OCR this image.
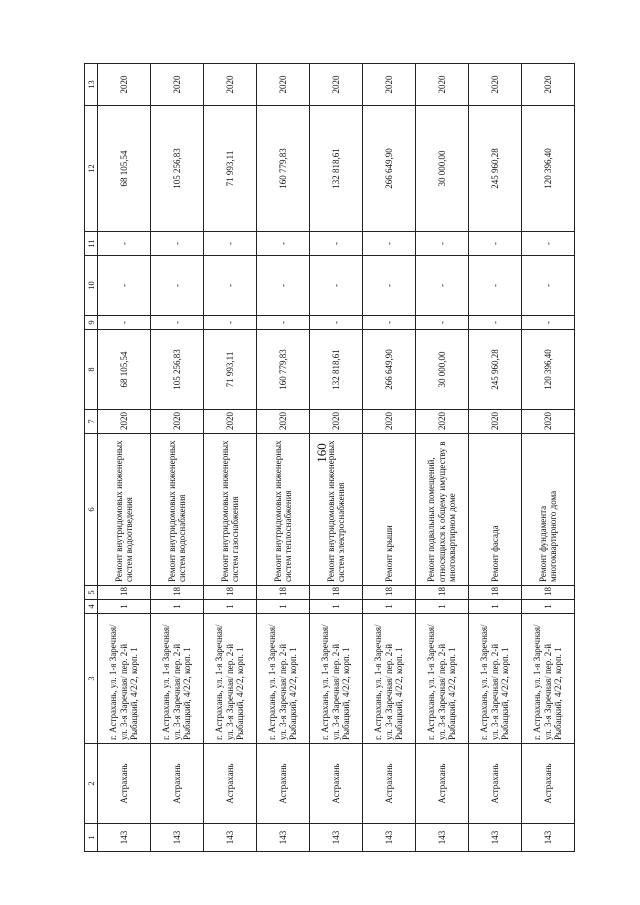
160
1	2	3	4	5	6	7	8	9	10	11	12	13
143	Астрахань	г. Астрахань, ул. 1-я Заречная/ ул. 3-я Заречная/ пер. 2-й Рыбацкий, 4/2/2, корп. 1	1	18	Ремонт внутридомовых инженерных систем водоотведения	2020	68 105,54	-	-	-	68 105,54	2020
143	Астрахань	г. Астрахань, ул. 1-я Заречная/ ул. 3-я Заречная/ пер. 2-й Рыбацкий, 4/2/2, корп. 1	1	18	Ремонт внутридомовых инженерных систем водоснабжения	2020	105 256,83	-	-	-	105 256,83	2020
143	Астрахань	г. Астрахань, ул. 1-я Заречная/ ул. 3-я Заречная/ пер. 2-й Рыбацкий, 4/2/2, корп. 1	1	18	Ремонт внутридомовых инженерных систем газоснабжения	2020	71 993,11	-	-	-	71 993,11	2020
143	Астрахань	г. Астрахань, ул. 1-я Заречная/ ул. 3-я Заречная/ пер. 2-й Рыбацкий, 4/2/2, корп. 1	1	18	Ремонт внутридомовых инженерных систем теплоснабжения	2020	160 779,83	-	-	-	160 779,83	2020
143	Астрахань	г. Астрахань, ул. 1-я Заречная/ ул. 3-я Заречная/ пер. 2-й Рыбацкий, 4/2/2, корп. 1	1	18	Ремонт внутридомовых инженерных систем электроснабжения	2020	132 818,61	-	-	-	132 818,61	2020
143	Астрахань	г. Астрахань, ул. 1-я Заречная/ ул. 3-я Заречная/ пер. 2-й Рыбацкий, 4/2/2, корп. 1	1	18	Ремонт крыши	2020	266 649,90	-	-	-	266 649,90	2020
143	Астрахань	г. Астрахань, ул. 1-я Заречная/ ул. 3-я Заречная/ пер. 2-й Рыбацкий, 4/2/2, корп. 1	1	18	Ремонт подвальных помещений, относящихся к общему имуществу в многоквартирном доме	2020	30 000,00	-	-	-	30 000,00	2020
143	Астрахань	г. Астрахань, ул. 1-я Заречная/ ул. 3-я Заречная/ пер. 2-й Рыбацкий, 4/2/2, корп. 1	1	18	Ремонт фасада	2020	245 960,28	-	-	-	245 960,28	2020
143	Астрахань	г. Астрахань, ул. 1-я Заречная/ ул. 3-я Заречная/ пер. 2-й Рыбацкий, 4/2/2, корп. 1	1	18	Ремонт фундамента многоквартирного дома	2020	120 396,40	-	-	-	120 396,40	2020
